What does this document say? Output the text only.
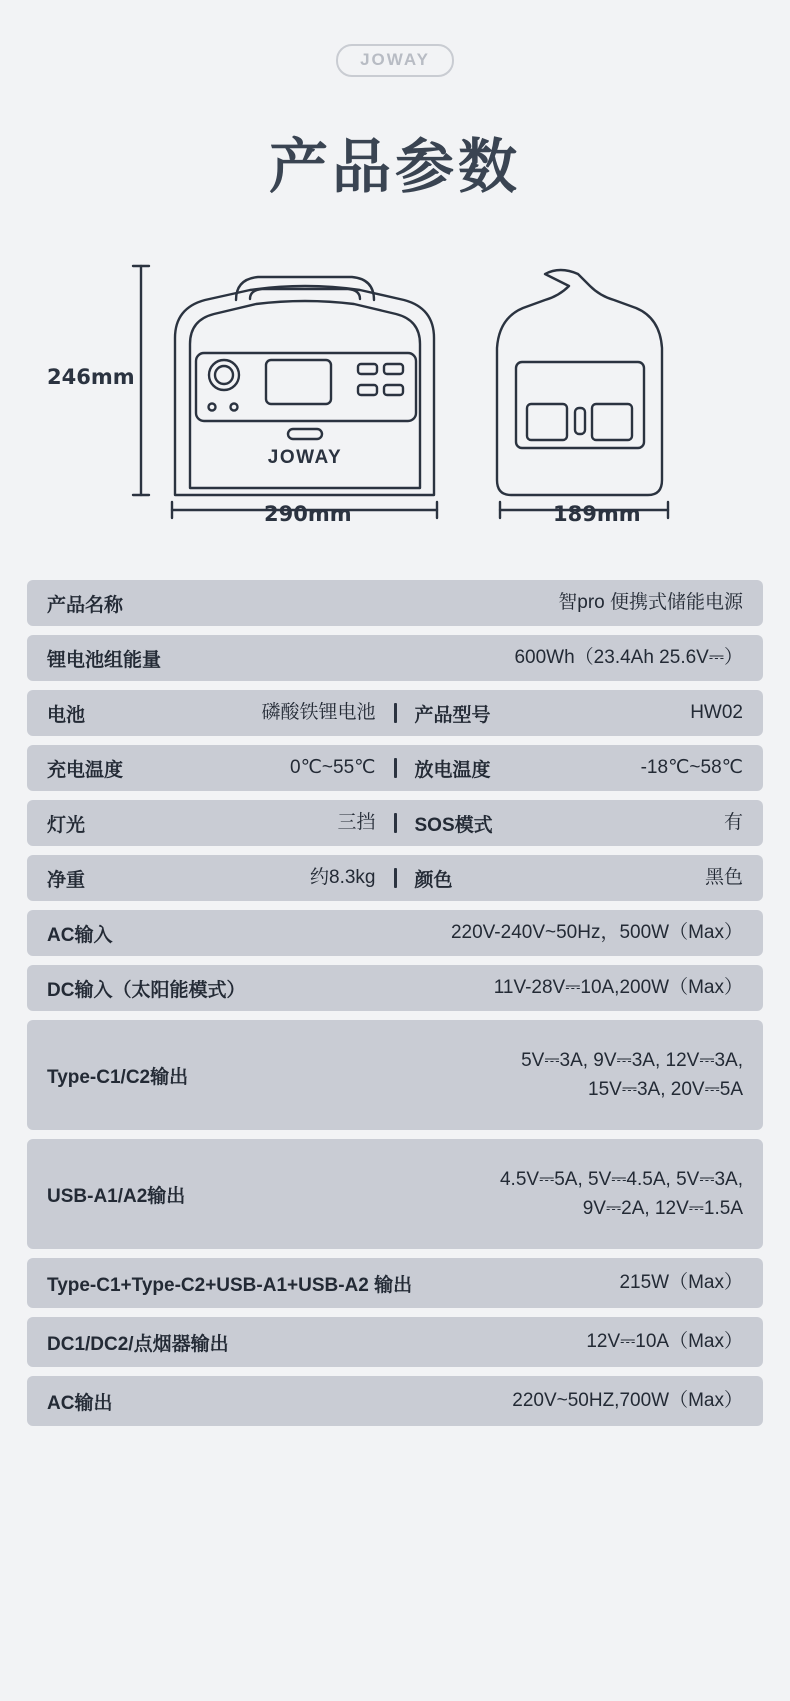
JOWAY
产品参数
JOWAY
246mm
290mm	189mm
产品名称	智pro 便携式储能电源
锂电池组能量	600Wh（23.4Ah 25.6V⎓）
电池	磷酸铁锂电池 产品型号	HW02
充电温度	0℃~55℃ 放电温度	-18℃~58℃
灯光	三挡 SOS模式	有
净重	约8.3kg 颜色	黑色
AC输入	220V-240V~50Hz，500W（Max）
DC输入（太阳能模式）	11V-28V⎓10A,200W（Max）
Type-C1/C2输出
5V⎓3A, 9V⎓3A, 12V⎓3A,
15V⎓3A, 20V⎓5A
USB-A1/A2输出
4.5V⎓5A, 5V⎓4.5A, 5V⎓3A,
9V⎓2A, 12V⎓1.5A
Type-C1+Type-C2+USB-A1+USB-A2 输出	215W（Max）
DC1/DC2/点烟器输出	12V⎓10A（Max）
AC输出	220V~50HZ,700W（Max）
